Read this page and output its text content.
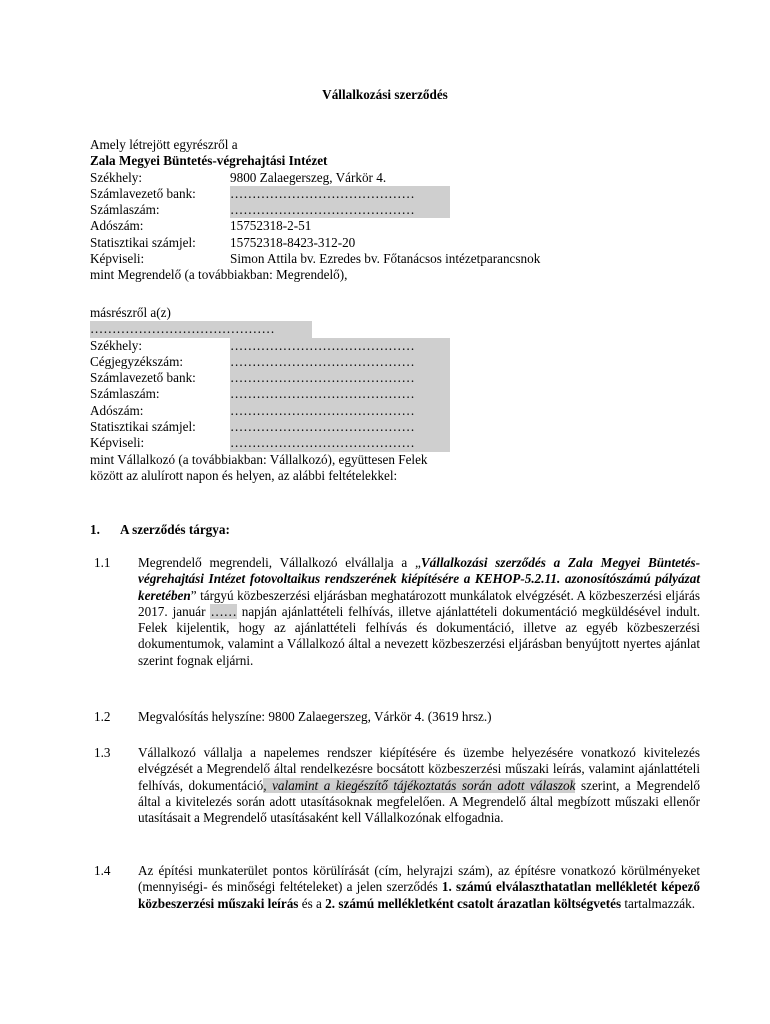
Vállalkozási szerződés
Amely létrejött egyrészről a
Zala Megyei Büntetés-végrehajtási Intézet
Székhely:	9800 Zalaegerszeg, Várkör 4.
Számlavezető bank:	……………………………………
Számlaszám:	……………………………………
Adószám:	15752318-2-51
Statisztikai számjel:	15752318-8423-312-20
Képviseli:	Simon Attila bv. Ezredes bv. Főtanácsos intézetparancsnok
mint Megrendelő (a továbbiakban: Megrendelő),
másrészről a(z)
……………………………………
Székhely:	……………………………………
Cégjegyzékszám:	……………………………………
Számlavezető bank:	……………………………………
Számlaszám:	……………………………………
Adószám:	……………………………………
Statisztikai számjel:	……………………………………
Képviseli:	……………………………………
mint Vállalkozó (a továbbiakban: Vállalkozó), együttesen Felek
között az alulírott napon és helyen, az alábbi feltételekkel:
1. A szerződés tárgya:
1.1 Megrendelő megrendeli, Vállalkozó elvállalja a „Vállalkozási szerződés a Zala Megyei Büntetés-végrehajtási Intézet fotovoltaikus rendszerének kiépítésére a KEHOP-5.2.11. azonosítószámú pályázat keretében” tárgyú közbeszerzési eljárásban meghatározott munkálatok elvégzését. A közbeszerzési eljárás 2017. január …… napján ajánlattételi felhívás, illetve ajánlattételi dokumentáció megküldésével indult. Felek kijelentik, hogy az ajánlattételi felhívás és dokumentáció, illetve az egyéb közbeszerzési dokumentumok, valamint a Vállalkozó által a nevezett közbeszerzési eljárásban benyújtott nyertes ajánlat szerint fognak eljárni.
1.2 Megvalósítás helyszíne: 9800 Zalaegerszeg, Várkör 4. (3619 hrsz.)
1.3 Vállalkozó vállalja a napelemes rendszer kiépítésére és üzembe helyezésére vonatkozó kivitelezés elvégzését a Megrendelő által rendelkezésre bocsátott közbeszerzési műszaki leírás, valamint ajánlattételi felhívás, dokumentáció, valamint a kiegészítő tájékoztatás során adott válaszok szerint, a Megrendelő által a kivitelezés során adott utasításoknak megfelelően. A Megrendelő által megbízott műszaki ellenőr utasításait a Megrendelő utasításaként kell Vállalkozónak elfogadnia.
1.4 Az építési munkaterület pontos körülírását (cím, helyrajzi szám), az építésre vonatkozó körülményeket (mennyiségi- és minőségi feltételeket) a jelen szerződés 1. számú elválaszthatatlan mellékletét képező közbeszerzési műszaki leírás és a 2. számú mellékletként csatolt árazatlan költségvetés tartalmazzák.
